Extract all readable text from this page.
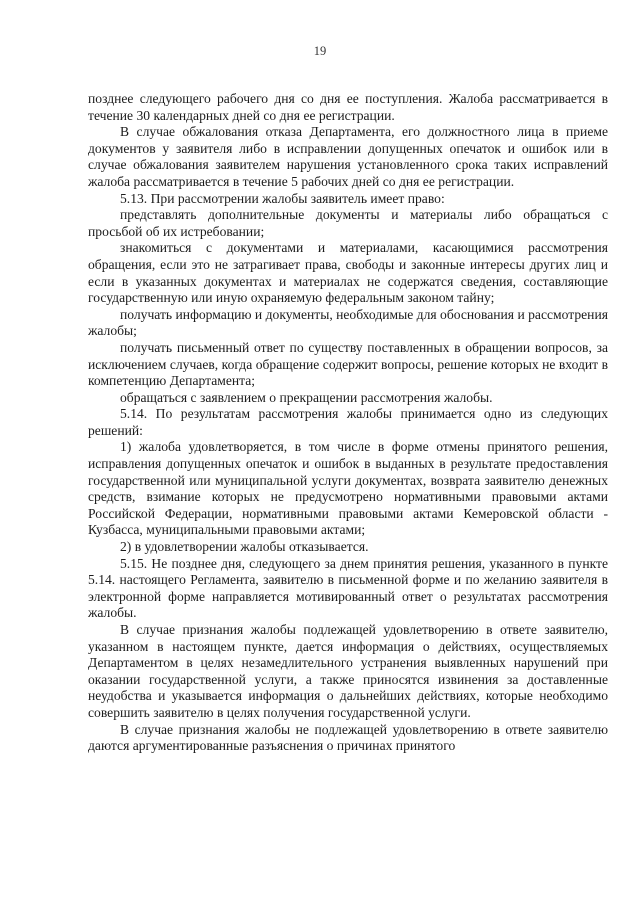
19

позднее следующего рабочего дня со дня ее поступления. Жалоба рассматривается в течение 30 календарных дней со дня ее регистрации.

В случае обжалования отказа Департамента, его должностного лица в приеме документов у заявителя либо в исправлении допущенных опечаток и ошибок или в случае обжалования заявителем нарушения установленного срока таких исправлений жалоба рассматривается в течение 5 рабочих дней со дня ее регистрации.

5.13. При рассмотрении жалобы заявитель имеет право:

представлять дополнительные документы и материалы либо обращаться с просьбой об их истребовании;

знакомиться с документами и материалами, касающимися рассмотрения обращения, если это не затрагивает права, свободы и законные интересы других лиц и если в указанных документах и материалах не содержатся сведения, составляющие государственную или иную охраняемую федеральным законом тайну;

получать информацию и документы, необходимые для обоснования и рассмотрения жалобы;

получать письменный ответ по существу поставленных в обращении вопросов, за исключением случаев, когда обращение содержит вопросы, решение которых не входит в компетенцию Департамента;

обращаться с заявлением о прекращении рассмотрения жалобы.

5.14. По результатам рассмотрения жалобы принимается одно из следующих решений:

1) жалоба удовлетворяется, в том числе в форме отмены принятого решения, исправления допущенных опечаток и ошибок в выданных в результате предоставления государственной или муниципальной услуги документах, возврата заявителю денежных средств, взимание которых не предусмотрено нормативными правовыми актами Российской Федерации, нормативными правовыми актами Кемеровской области - Кузбасса, муниципальными правовыми актами;

2) в удовлетворении жалобы отказывается.

5.15. Не позднее дня, следующего за днем принятия решения, указанного в пункте 5.14. настоящего Регламента, заявителю в письменной форме и по желанию заявителя в электронной форме направляется мотивированный ответ о результатах рассмотрения жалобы.

В случае признания жалобы подлежащей удовлетворению в ответе заявителю, указанном в настоящем пункте, дается информация о действиях, осуществляемых Департаментом в целях незамедлительного устранения выявленных нарушений при оказании государственной услуги, а также приносятся извинения за доставленные неудобства и указывается информация о дальнейших действиях, которые необходимо совершить заявителю в целях получения государственной услуги.

В случае признания жалобы не подлежащей удовлетворению в ответе заявителю даются аргументированные разъяснения о причинах принятого
